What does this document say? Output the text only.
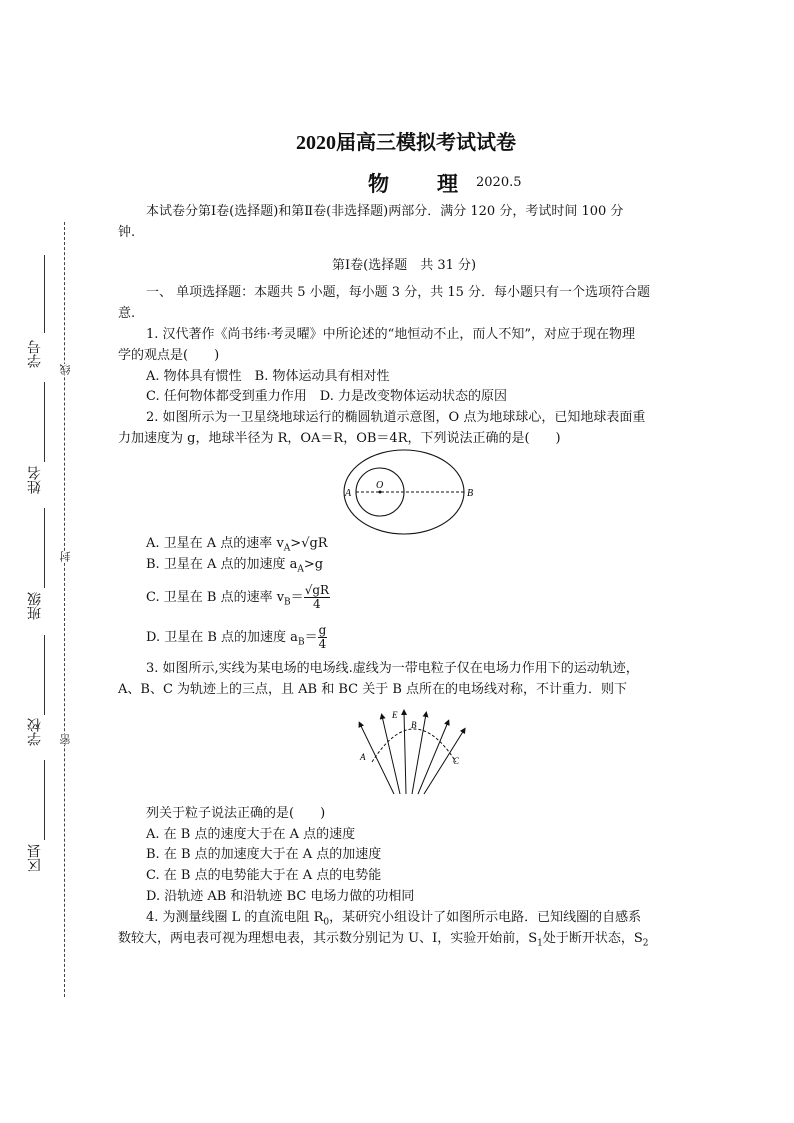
学号
姓名
班级
学校
区县
线
封
密
2020届高三模拟考试试卷
物　　理 2020.5
本试卷分第Ⅰ卷(选择题)和第Ⅱ卷(非选择题)两部分．满分 120 分，考试时间 100 分
钟.
第Ⅰ卷(选择题　共 31 分)
一、 单项选择题：本题共 5 小题，每小题 3 分，共 15 分．每小题只有一个选项符合题
意.
1. 汉代著作《尚书纬·考灵曜》中所论述的“地恒动不止，而人不知”，对应于现在物理
学的观点是(　　)
A. 物体具有惯性　B. 物体运动具有相对性
C. 任何物体都受到重力作用　D. 力是改变物体运动状态的原因
2. 如图所示为一卫星绕地球运行的椭圆轨道示意图，O 点为地球球心，已知地球表面重
力加速度为 g，地球半径为 R，OA＝R，OB＝4R，下列说法正确的是(　　)
A
O
B
A. 卫星在 A 点的速率 $v_A>√gR$
B. 卫星在 A 点的加速度 $a_A>g$
C. 卫星在 B 点的速率 $v_B= \frac{√gR}{4}$
D. 卫星在 B 点的加速度 $a_B= \frac{g}{4}$
3. 如图所示,实线为某电场的电场线.虚线为一带电粒子仅在电场力作用下的运动轨迹，
A、B、C 为轨迹上的三点，且 AB 和 BC 关于 B 点所在的电场线对称，不计重力．则下
E
B
A	C
列关于粒子说法正确的是(　　)
A. 在 B 点的速度大于在 A 点的速度
B. 在 B 点的加速度大于在 A 点的加速度
C. 在 B 点的电势能大于在 A 点的电势能
D. 沿轨迹 AB 和沿轨迹 BC 电场力做的功相同
4. 为测量线圈 L 的直流电阻 $R_0$，某研究小组设计了如图所示电路．已知线圈的自感系
数较大，两电表可视为理想电表，其示数分别记为 U、I，实验开始前，$S_1$处于断开状态，$S_2$
